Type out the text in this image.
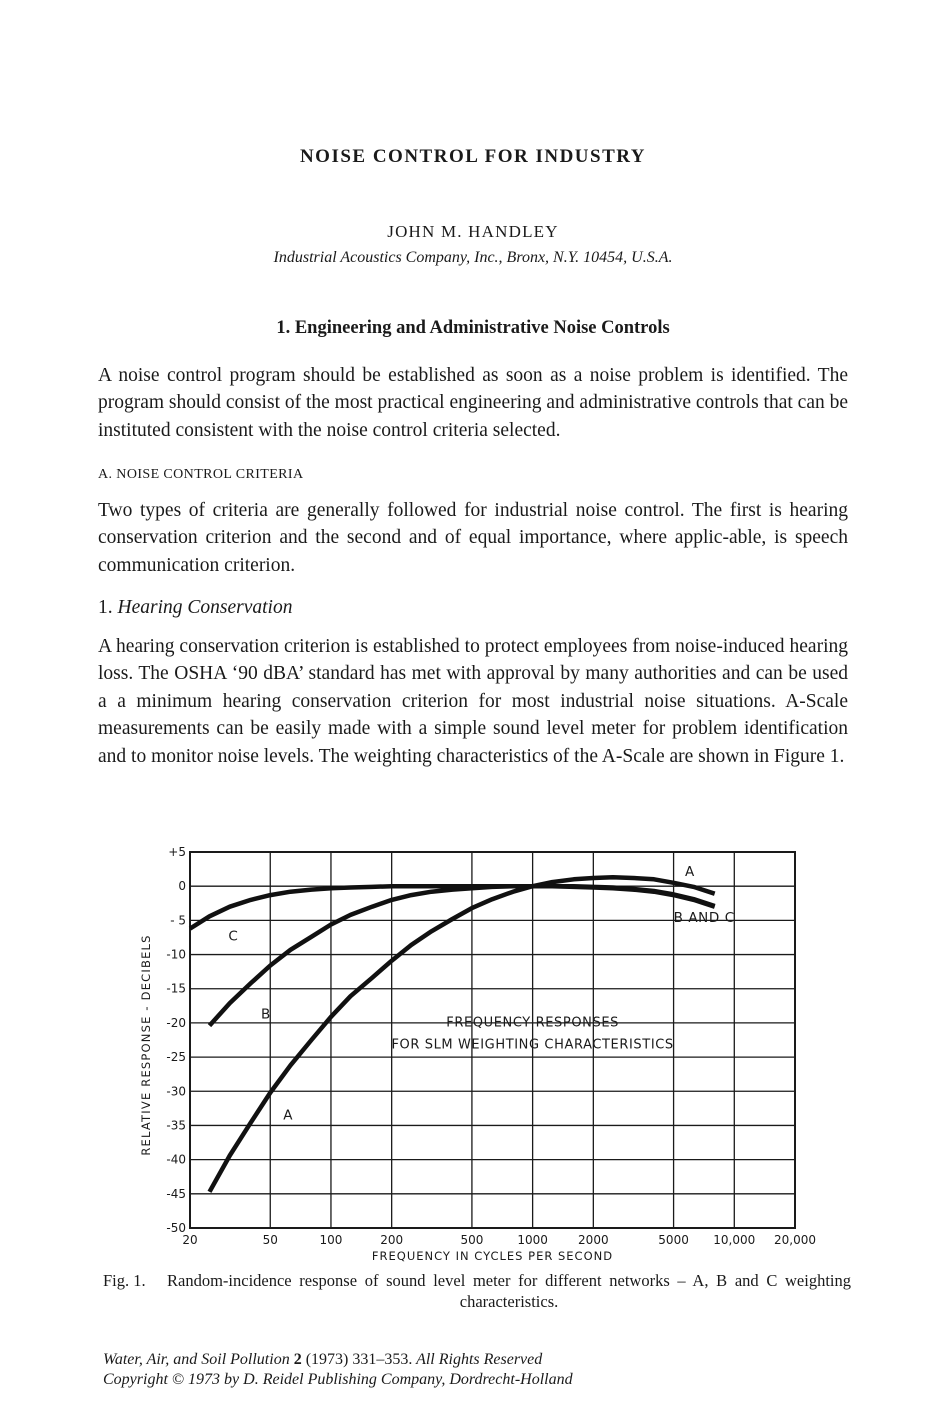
NOISE CONTROL FOR INDUSTRY
JOHN M. HANDLEY
Industrial Acoustics Company, Inc., Bronx, N.Y. 10454, U.S.A.
1. Engineering and Administrative Noise Controls

A noise control program should be established as soon as a noise problem is identified. The program should consist of the most practical engineering and administrative controls that can be instituted consistent with the noise control criteria selected.

A. NOISE CONTROL CRITERIA

Two types of criteria are generally followed for industrial noise control. The first is hearing conservation criterion and the second and of equal importance, where applic-able, is speech communication criterion.

1. Hearing Conservation

A hearing conservation criterion is established to protect employees from noise-induced hearing loss. The OSHA ‘90 dBA’ standard has met with approval by many authorities and can be used a a minimum hearing conservation criterion for most industrial noise situations. A-Scale measurements can be easily made with a simple sound level meter for problem identification and to monitor noise levels. The weighting characteristics of the A-Scale are shown in Figure 1.

+5
0
- 5
-10
-15
-20
-25
-30
-35
-40
-45
-50
20	50	100	200	500	1000	2000	5000 10,000 20,000
FREQUENCY IN CYCLES PER SECOND
RELATIVE RESPONSE - DECIBELS	FREQUENCY RESPONSES
FOR SLM WEIGHTING CHARACTERISTICS
A
B AND C
C
B
A
Fig. 1. Random-incidence response of sound level meter for different networks – A, B and C weighting characteristics.
Water, Air, and Soil Pollution 2 (1973) 331–353. All Rights Reserved
Copyright © 1973 by D. Reidel Publishing Company, Dordrecht-Holland
